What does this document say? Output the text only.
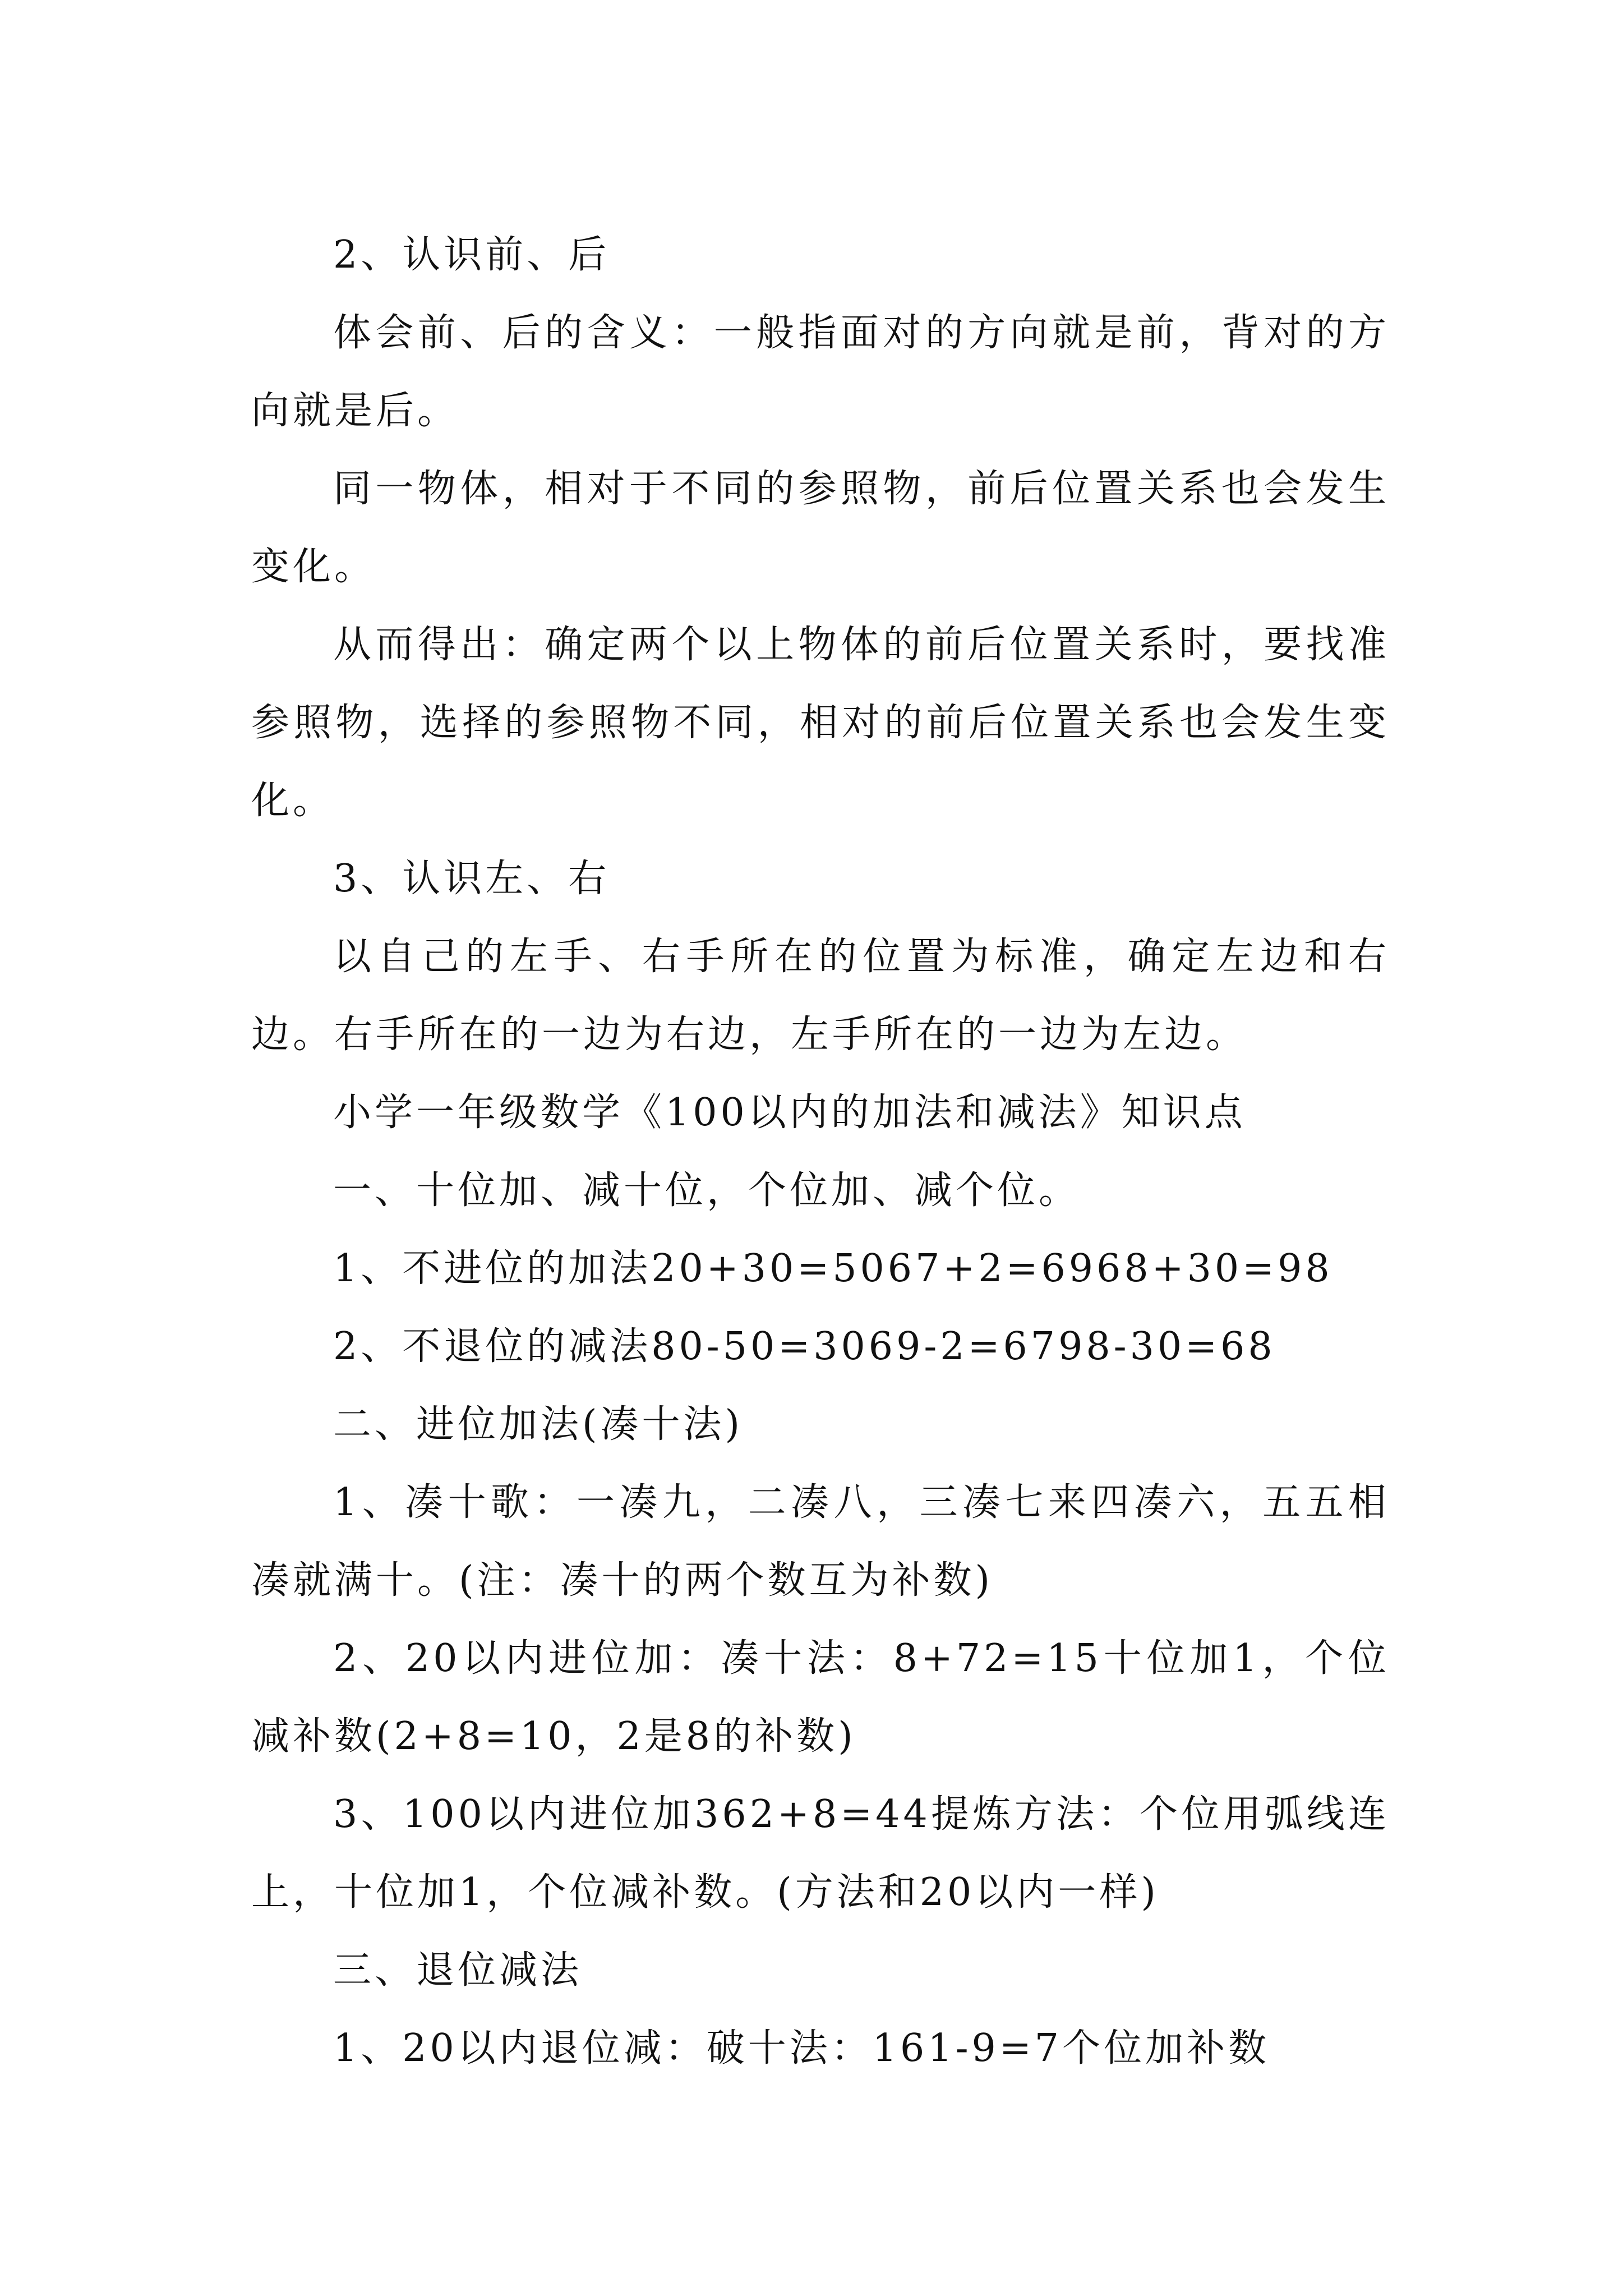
2、认识前、后

体会前、后的含义：一般指面对的方向就是前，背对的方向就是后。

同一物体，相对于不同的参照物，前后位置关系也会发生变化。

从而得出：确定两个以上物体的前后位置关系时，要找准参照物，选择的参照物不同，相对的前后位置关系也会发生变化。

3、认识左、右

以自己的左手、右手所在的位置为标准，确定左边和右边。右手所在的一边为右边，左手所在的一边为左边。

小学一年级数学《100以内的加法和减法》知识点

一、十位加、减十位，个位加、减个位。

1、不进位的加法20+30=5067+2=6968+30=98

2、不退位的减法80-50=3069-2=6798-30=68

二、进位加法(凑十法)

1、凑十歌：一凑九，二凑八，三凑七来四凑六，五五相凑就满十。(注：凑十的两个数互为补数)

2、20以内进位加：凑十法：8+72=15十位加1，个位减补数(2+8=10，2是8的补数)

3、100以内进位加362+8=44提炼方法：个位用弧线连上，十位加1，个位减补数。(方法和20以内一样)

三、退位减法

1、20以内退位减：破十法：161-9=7个位加补数
